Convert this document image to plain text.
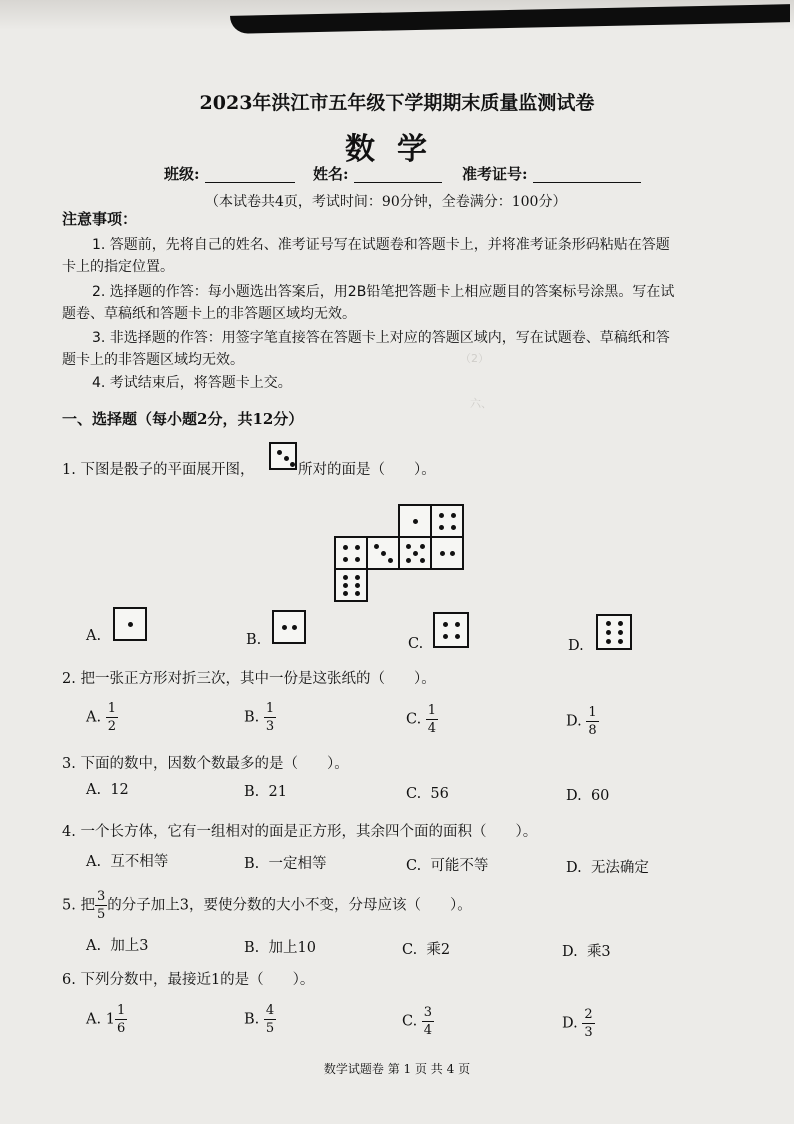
（2）　　　　　　　　　　
六、　　　　　　　　　　　　

2023年洪江市五年级下学期期末质量监测试卷
数学
班级:	姓名:	准考证号:
（本试卷共4页，考试时间：90分钟，全卷满分：100分）
注意事项：
1. 答题前，先将自己的姓名、准考证号写在试题卷和答题卡上，并将准考证条形码粘贴在答题
卡上的指定位置。
2. 选择题的作答：每小题选出答案后，用2B铅笔把答题卡上相应题目的答案标号涂黑。写在试
题卷、草稿纸和答题卡上的非答题区域均无效。
3. 非选择题的作答：用签字笔直接答在答题卡上对应的答题区域内，写在试题卷、草稿纸和答
题卡上的非答题区域均无效。
4. 考试结束后，将答题卡上交。
一、选择题（每小题2分，共12分）
1. 下图是骰子的平面展开图，	所对的面是（　　）。
A.	B.	C.	D.
2. 把一张正方形对折三次，其中一份是这张纸的（　　）。
A. $\frac{1}{2}$	B. $\frac{1}{3}$	C. $\frac{1}{4}$	D. $\frac{1}{8}$
3. 下面的数中，因数个数最多的是（　　）。
A. 12	B. 21	C. 56	D. 60
4. 一个长方体，它有一组相对的面是正方形，其余四个面的面积（　　）。
A. 互不相等	B. 一定相等	C. 可能不等	D. 无法确定
5. 把 $\frac{3}{5}$ 的分子加上3，要使分数的大小不变，分母应该（　　）。
A. 加上3	B. 加上10	C. 乘2	D. 乘3
6. 下列分数中，最接近1的是（　　）。
A. $1 \frac{1}{6}$	B. $\frac{4}{5}$	C. $\frac{3}{4}$	D. $\frac{2}{3}$
数学试题卷 第 1 页 共 4 页
